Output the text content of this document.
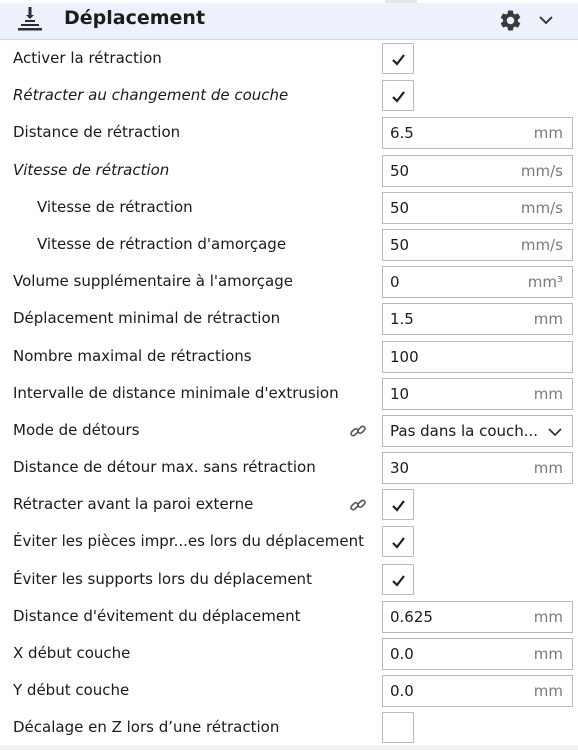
Déplacement
Activer la rétraction
Rétracter au changement de couche
Distance de rétraction	6.5	mm
Vitesse de rétraction	50	mm/s
Vitesse de rétraction	50	mm/s
Vitesse de rétraction d'amorçage	50	mm/s
Volume supplémentaire à l'amorçage	0	mm³
Déplacement minimal de rétraction	1.5	mm
Nombre maximal de rétractions	100
Intervalle de distance minimale d'extrusion	10	mm
Mode de détours	Pas dans la couch...
Distance de détour max. sans rétraction	30	mm
Rétracter avant la paroi externe
Éviter les pièces impr...es lors du déplacement
Éviter les supports lors du déplacement
Distance d'évitement du déplacement	0.625	mm
X début couche	0.0	mm
Y début couche	0.0	mm
Décalage en Z lors d’une rétraction
